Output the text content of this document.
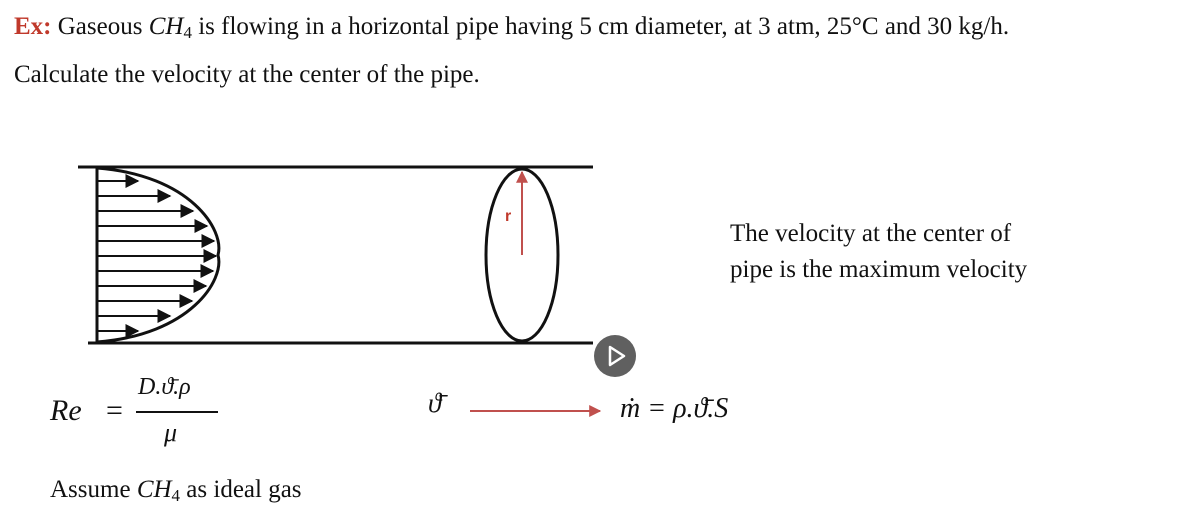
Ex: Gaseous $CH_4$ is flowing in a horizontal pipe having 5 cm diameter, at 3 atm, 25°C and 30 kg/h.
Calculate the velocity at the center of the pipe.
r
The velocity at the center of
pipe is the maximum velocity
Re =
D.ϑ̄.ρ
μ
ϑ̄	ṁ = ρ.ϑ̄.S
Assume $CH_4$ as ideal gas
